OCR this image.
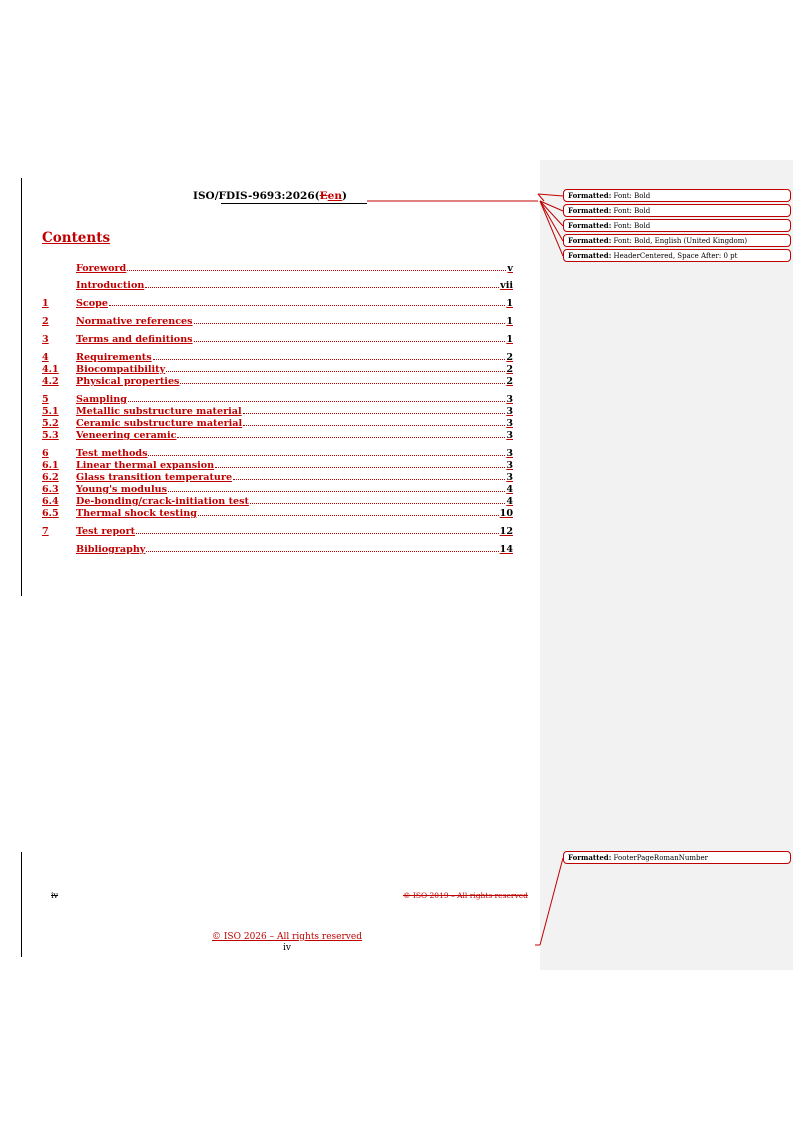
ISO/FDIS-9693:2026(Een)
Contents
Foreword	v
Introduction	vii
1	Scope	1
2	Normative references	1
3	Terms and definitions	1
4	Requirements	2
4.1	Biocompatibility	2
4.2	Physical properties	2
5	Sampling	3
5.1	Metallic substructure material	3
5.2	Ceramic substructure material	3
5.3	Veneering ceramic	3
6	Test methods	3
6.1	Linear thermal expansion	3
6.2	Glass transition temperature	3
6.3	Young's modulus	4
6.4	De-bonding/crack-initiation test	4
6.5	Thermal shock testing	10
7	Test report	12
Bibliography	14
Formatted: Font: Bold
Formatted: Font: Bold
Formatted: Font: Bold
Formatted: Font: Bold, English (United Kingdom)
Formatted: HeaderCentered, Space After: 0 pt
Formatted: FooterPageRomanNumber
iv	© ISO 2019 – All rights reserved
© ISO 2026 – All rights reserved
iv
